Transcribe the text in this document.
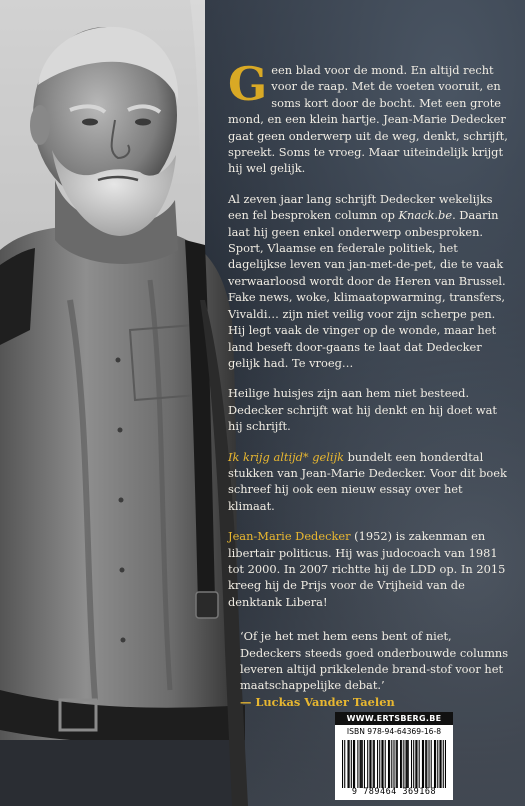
Geen blad voor de mond. En altijd recht voor de raap. Met de voeten vooruit, en soms kort door de bocht. Met een grote mond, en een klein hartje. Jean-Marie Dedecker gaat geen onderwerp uit de weg, denkt, schrijft, spreekt. Soms te vroeg. Maar uiteindelijk krijgt hij wel gelijk.

Al zeven jaar lang schrijft Dedecker wekelijks een fel besproken column op Knack.be. Daarin laat hij geen enkel onderwerp onbesproken. Sport, Vlaamse en federale politiek, het dagelijkse leven van jan-met-de-pet, die te vaak verwaarloosd wordt door de Heren van Brussel. Fake news, woke, klimaatopwarming, transfers, Vivaldi… zijn niet veilig voor zijn scherpe pen. Hij legt vaak de vinger op de wonde, maar het land beseft door-gaans te laat dat Dedecker gelijk had. Te vroeg…

Heilige huisjes zijn aan hem niet besteed. Dedecker schrijft wat hij denkt en hij doet wat hij schrijft.

Ik krijg altijd* gelijk bundelt een honderdtal stukken van Jean-Marie Dedecker. Voor dit boek schreef hij ook een nieuw essay over het klimaat.

Jean-Marie Dedecker (1952) is zakenman en libertair politicus. Hij was judocoach van 1981 tot 2000. In 2007 richtte hij de LDD op. In 2015 kreeg hij de Prijs voor de Vrijheid van de denktank Libera!

‘Of je het met hem eens bent of niet, Dedeckers steeds goed onderbouwde columns leveren altijd prikkelende brand-stof voor het maatschappelijke debat.’
— Luckas Vander Taelen
WWW.ERTSBERG.BE
ISBN 978-94-64369-16-8
9 789464 369168
